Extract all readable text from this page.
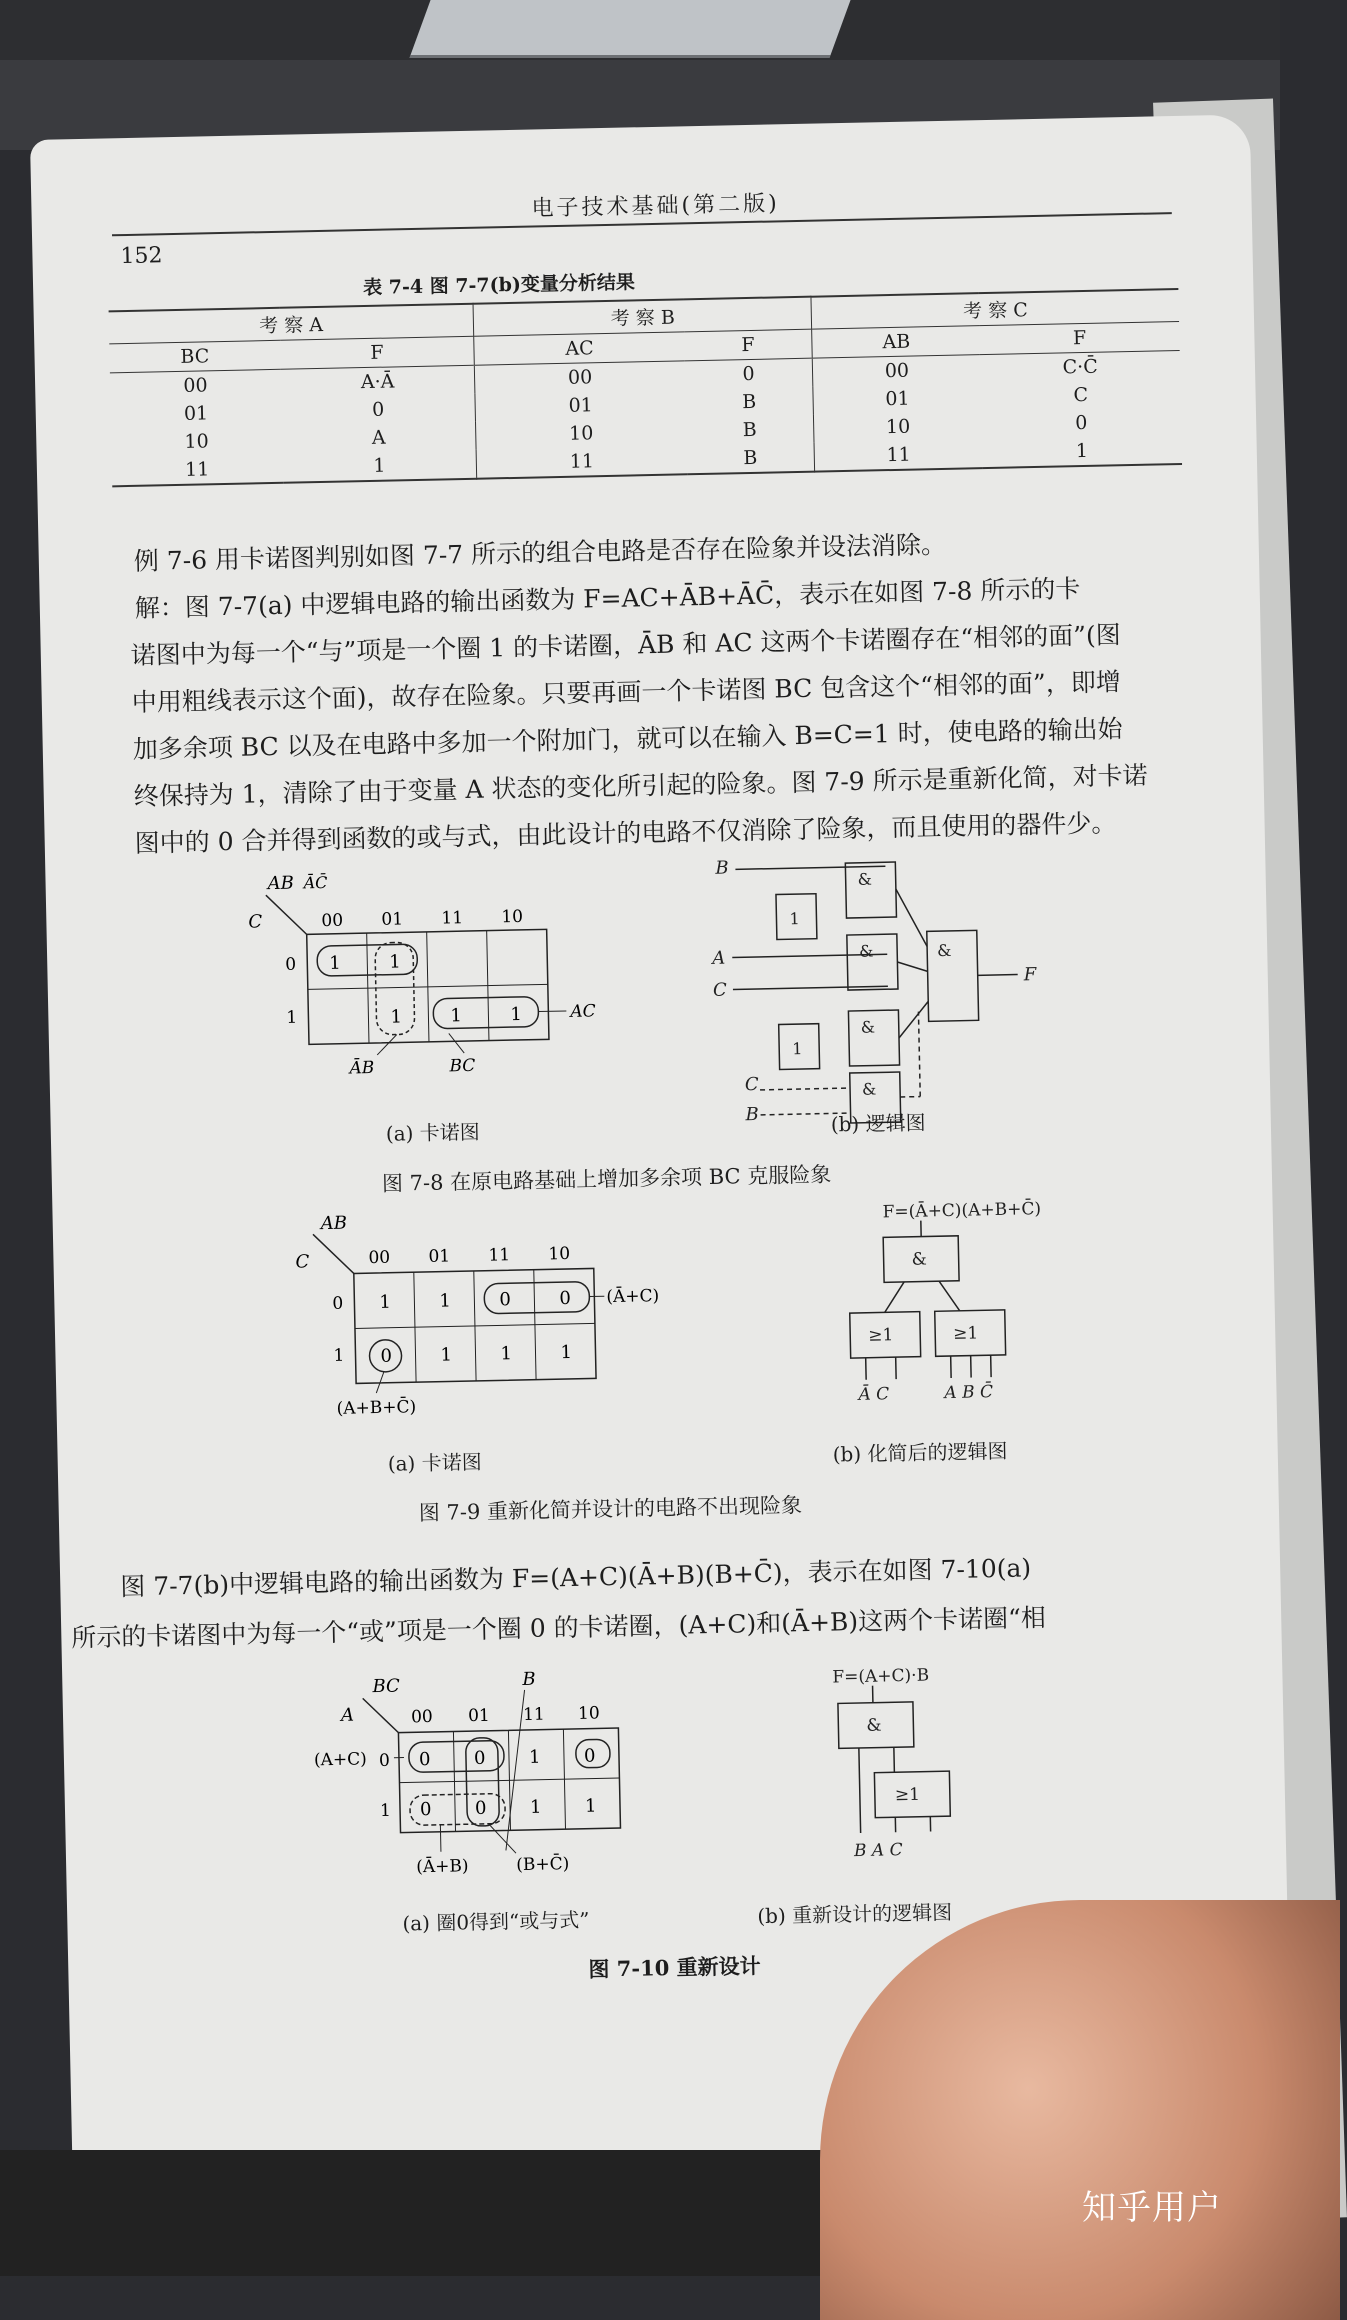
电子技术基础(第二版)
152
表 7-4 图 7-7(b)变量分析结果
考 察 A		考 察 B		考 察 C	
BC	F	AC	F	AB	F
00	A·Ā	00	0	00	C·C̄
01	0	01	B	01	C
10	A	10	B	10	0
11	1	11	B	11	1
例 7-6 用卡诺图判别如图 7-7 所示的组合电路是否存在险象并设法消除。
解：图 7-7(a) 中逻辑电路的输出函数为 F=AC+ĀB+ĀC̄，表示在如图 7-8 所示的卡
诺图中为每一个“与”项是一个圈 1 的卡诺圈，ĀB 和 AC 这两个卡诺圈存在“相邻的面”(图
中用粗线表示这个面)，故存在险象。只要再画一个卡诺图 BC 包含这个“相邻的面”，即增
加多余项 BC 以及在电路中多加一个附加门，就可以在输入 B=C=1 时，使电路的输出始
终保持为 1，清除了由于变量 A 状态的变化所引起的险象。图 7-9 所示是重新化简，对卡诺
图中的 0 合并得到函数的或与式，由此设计的电路不仅消除了险象，而且使用的器件少。
AB
C
ĀC̄
00 01 11 10
0
1
1	1
1	1	1	AC
ĀB	BC
B
A
C
C
B
1
&
&
&
1
&
&
F
(a) 卡诺图	(b) 逻辑图
图 7-8 在原电路基础上增加多余项 BC 克服险象
AB
C	00 01 11 10
0
1
1	1	0	0
0	1	1	1
(Ā+C)
(A+B+C̄)
F=(Ā+C)(A+B+C̄)
&
≥1	≥1
Ā C	A B C̄
(a) 卡诺图	(b) 化简后的逻辑图
图 7-9 重新化简并设计的电路不出现险象
图 7-7(b)中逻辑电路的输出函数为 F=(A+C)(Ā+B)(B+C̄)，表示在如图 7-10(a)
所示的卡诺图中为每一个“或”项是一个圈 0 的卡诺圈，(A+C)和(Ā+B)这两个卡诺圈“相
BC
A
B
00 01 11 10
0
1
0 0 1 0
0 0 1 1
(A+C)
(Ā+B)	(B+C̄)
F=(A+C)·B
&
≥1
B A C
(a) 圈0得到“或与式”	(b) 重新设计的逻辑图
图 7-10 重新设计
知乎用户
